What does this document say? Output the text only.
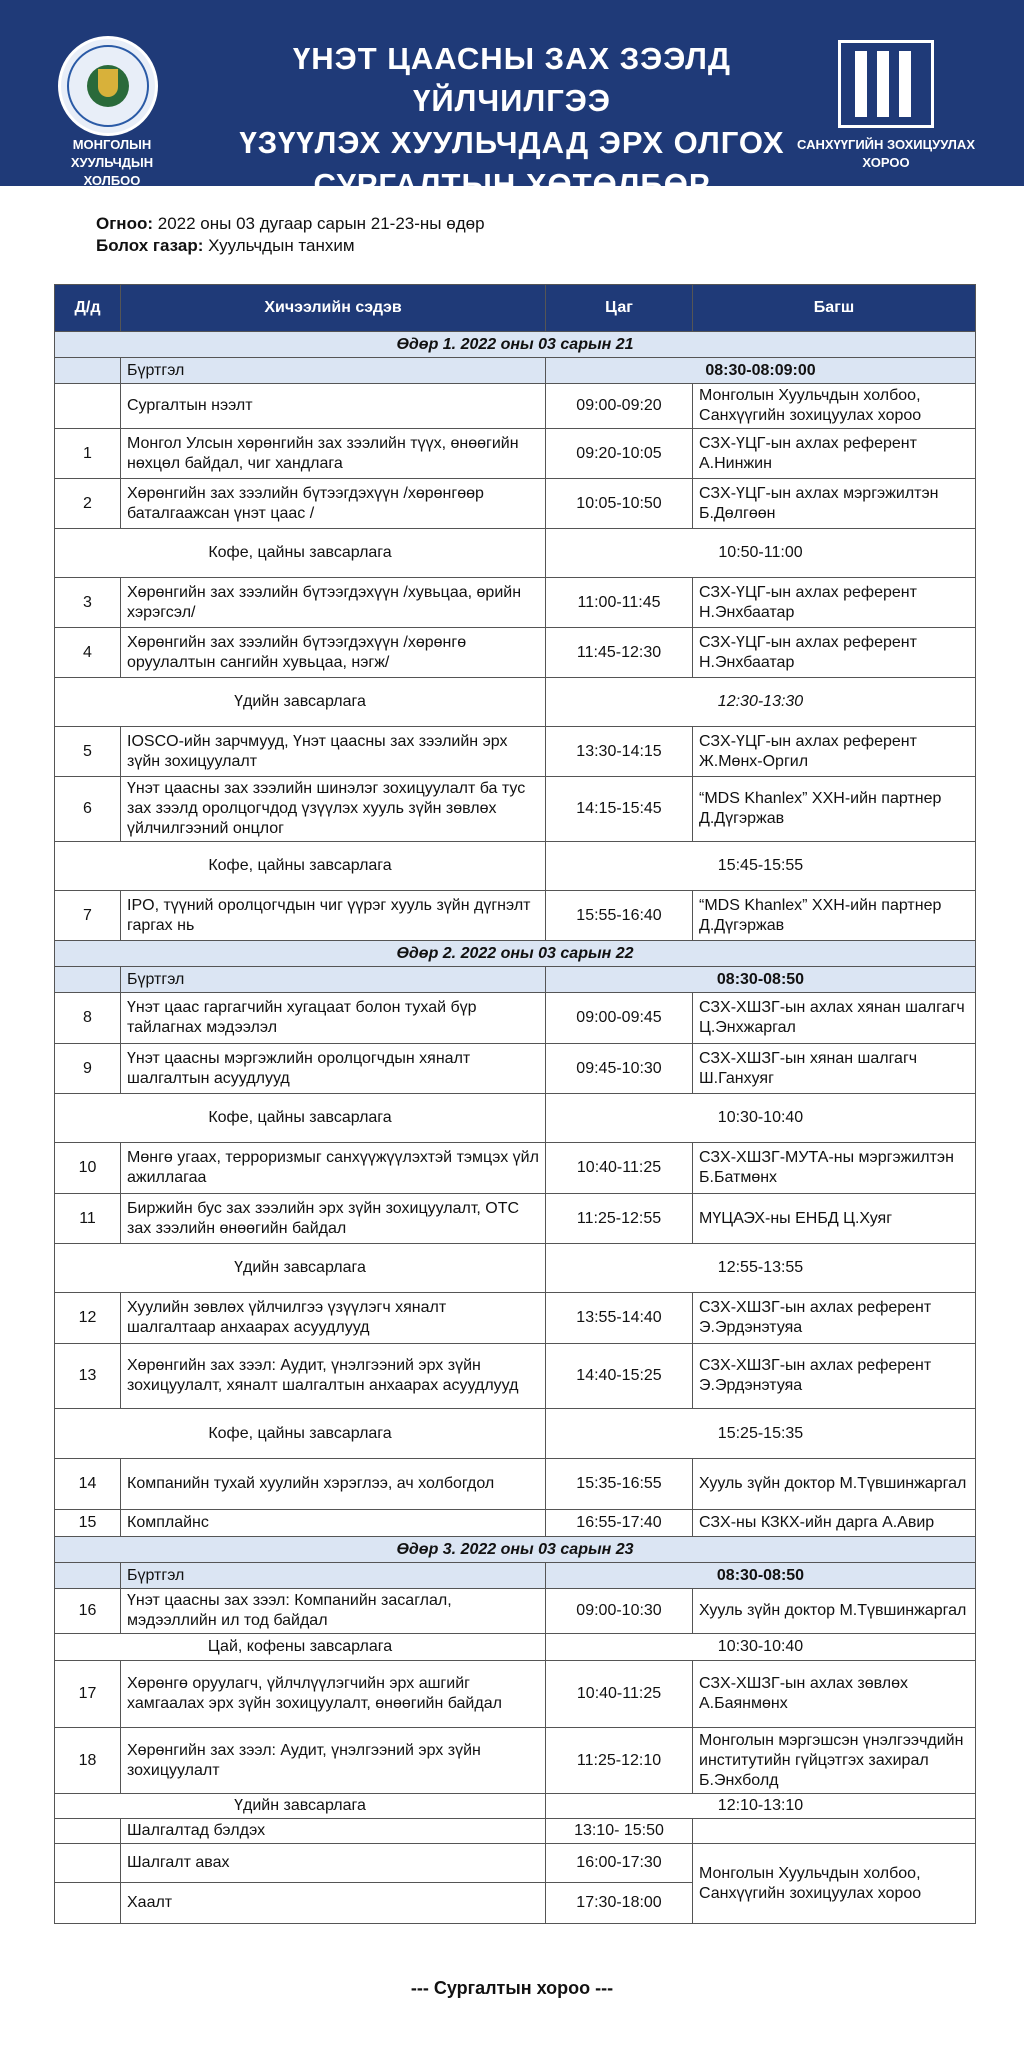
МОНГОЛЫН ХУУЛЬЧДЫН
ХОЛБОО
ҮНЭТ ЦААСНЫ ЗАХ ЗЭЭЛД ҮЙЛЧИЛГЭЭ
ҮЗҮҮЛЭХ ХУУЛЬЧДАД ЭРХ ОЛГОХ
СУРГАЛТЫН ХӨТӨЛБӨР
САНХҮҮГИЙН ЗОХИЦУУЛАХ
ХОРОО
Огноо: 2022 оны 03 дугаар сарын 21-23-ны өдөр
Болох газар: Хуульчдын танхим
Д/д	Хичээлийн сэдэв	Цаг	Багш
Өдөр 1. 2022 оны 03 сарын 21			
	Бүртгэл	08:30-08:09:00	
	Сургалтын нээлт	09:00-09:20	Монголын Хуульчдын холбоо, Санхүүгийн зохицуулах хороо
1	Монгол Улсын хөрөнгийн зах зээлийн түүх, өнөөгийн нөхцөл байдал, чиг хандлага	09:20-10:05	СЗХ-ҮЦГ-ын ахлах референт А.Нинжин
2	Хөрөнгийн зах зээлийн бүтээгдэхүүн /хөрөнгөөр баталгаажсан үнэт цаас /	10:05-10:50	СЗХ-ҮЦГ-ын ахлах мэргэжилтэн Б.Дөлгөөн
Кофе, цайны завсарлага		10:50-11:00	
3	Хөрөнгийн зах зээлийн бүтээгдэхүүн /хувьцаа, өрийн хэрэгсэл/	11:00-11:45	СЗХ-ҮЦГ-ын ахлах референт Н.Энхбаатар
4	Хөрөнгийн зах зээлийн бүтээгдэхүүн /хөрөнгө оруулалтын сангийн хувьцаа, нэгж/	11:45-12:30	СЗХ-ҮЦГ-ын ахлах референт Н.Энхбаатар
Үдийн завсарлага		12:30-13:30	
5	IOSCO-ийн зарчмууд, Үнэт цаасны зах зээлийн эрх зүйн зохицуулалт	13:30-14:15	СЗХ-ҮЦГ-ын ахлах референт Ж.Мөнх-Оргил
6	Үнэт цаасны зах зээлийн шинэлэг зохицуулалт ба тус зах зээлд оролцогчдод үзүүлэх хууль зүйн зөвлөх үйлчилгээний онцлог	14:15-15:45	“MDS Khanlex” ХХН-ийн партнер Д.Дүгэржав
Кофе, цайны завсарлага		15:45-15:55	
7	IPO, түүний оролцогчдын чиг үүрэг хууль зүйн дүгнэлт гаргах нь	15:55-16:40	“MDS Khanlex” ХХН-ийн партнер Д.Дүгэржав
Өдөр 2. 2022 оны 03 сарын 22			
	Бүртгэл	08:30-08:50	
8	Үнэт цаас гаргагчийн хугацаат болон тухай бүр тайлагнах мэдээлэл	09:00-09:45	СЗХ-ХШЗГ-ын ахлах хянан шалгагч Ц.Энхжаргал
9	Үнэт цаасны мэргэжлийн оролцогчдын хяналт шалгалтын асуудлууд	09:45-10:30	СЗХ-ХШЗГ-ын хянан шалгагч Ш.Ганхуяг
Кофе, цайны завсарлага		10:30-10:40	
10	Мөнгө угаах, терроризмыг санхүүжүүлэхтэй тэмцэх үйл ажиллагаа	10:40-11:25	СЗХ-ХШЗГ-МУТА-ны мэргэжилтэн Б.Батмөнх
11	Биржийн бус зах зээлийн эрх зүйн зохицуулалт, OTC зах зээлийн өнөөгийн байдал	11:25-12:55	МҮЦАЭХ-ны ЕНБД Ц.Хуяг
Үдийн завсарлага		12:55-13:55	
12	Хуулийн зөвлөх үйлчилгээ үзүүлэгч хяналт шалгалтаар анхаарах асуудлууд	13:55-14:40	СЗХ-ХШЗГ-ын ахлах референт Э.Эрдэнэтуяа
13	Хөрөнгийн зах зээл: Аудит, үнэлгээний эрх зүйн зохицуулалт, хяналт шалгалтын анхаарах асуудлууд	14:40-15:25	СЗХ-ХШЗГ-ын ахлах референт Э.Эрдэнэтуяа
Кофе, цайны завсарлага		15:25-15:35	
14	Компанийн тухай хуулийн хэрэглээ, ач холбогдол	15:35-16:55	Хууль зүйн доктор М.Түвшинжаргал
15	Комплайнс	16:55-17:40	СЗХ-ны КЗКХ-ийн дарга А.Авир
Өдөр 3. 2022 оны 03 сарын 23			
	Бүртгэл	08:30-08:50	
16	Үнэт цаасны зах зээл: Компанийн засаглал, мэдээллийн ил тод байдал	09:00-10:30	Хууль зүйн доктор М.Түвшинжаргал
Цай, кофены завсарлага		10:30-10:40	
17	Хөрөнгө оруулагч, үйлчлүүлэгчийн эрх ашгийг хамгаалах эрх зүйн зохицуулалт, өнөөгийн байдал	10:40-11:25	СЗХ-ХШЗГ-ын ахлах зөвлөх А.Баянмөнх
18	Хөрөнгийн зах зээл: Аудит, үнэлгээний эрх зүйн зохицуулалт	11:25-12:10	Монголын мэргэшсэн үнэлгээчдийн институтийн гүйцэтгэх захирал Б.Энхболд
Үдийн завсарлага		12:10-13:10	
	Шалгалтад бэлдэх	13:10- 15:50	
	Шалгалт авах	16:00-17:30	Монголын Хуульчдын холбоо, Санхүүгийн зохицуулах хороо
	Хаалт	17:30-18:00	
--- Сургалтын хороо ---
